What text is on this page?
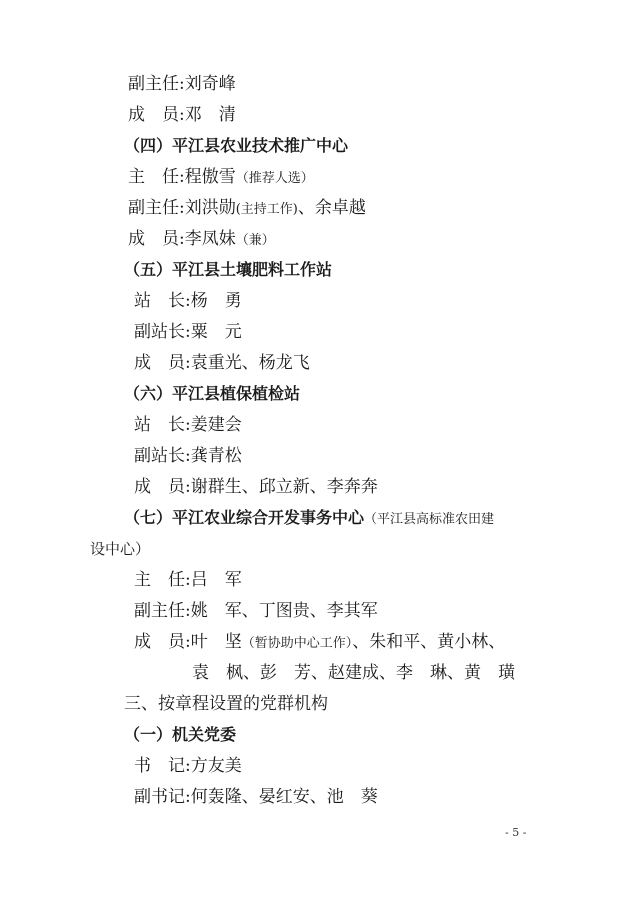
副主任:刘奇峰
成　员:邓　清
（四）平江县农业技术推广中心
主　任:程傲雪（推荐人选）
副主任:刘洪勋(主持工作)、余卓越
成　员:李凤妹（兼）
（五）平江县土壤肥料工作站
站　长:杨　勇
副站长:粟　元
成　员:袁重光、杨龙飞
（六）平江县植保植检站
站　长:姜建会
副站长:龚青松
成　员:谢群生、邱立新、李奔奔
（七）平江农业综合开发事务中心（平江县高标准农田建
设中心）
主　任:吕　军
副主任:姚　军、丁图贵、李其军
成　员:叶　坚（暂协助中心工作）、朱和平、黄小林、
袁　枫、彭　芳、赵建成、李　琳、黄　璜
三、按章程设置的党群机构
（一）机关党委
书　记:方友美
副书记:何轰隆、晏红安、池　葵
- 5 -
